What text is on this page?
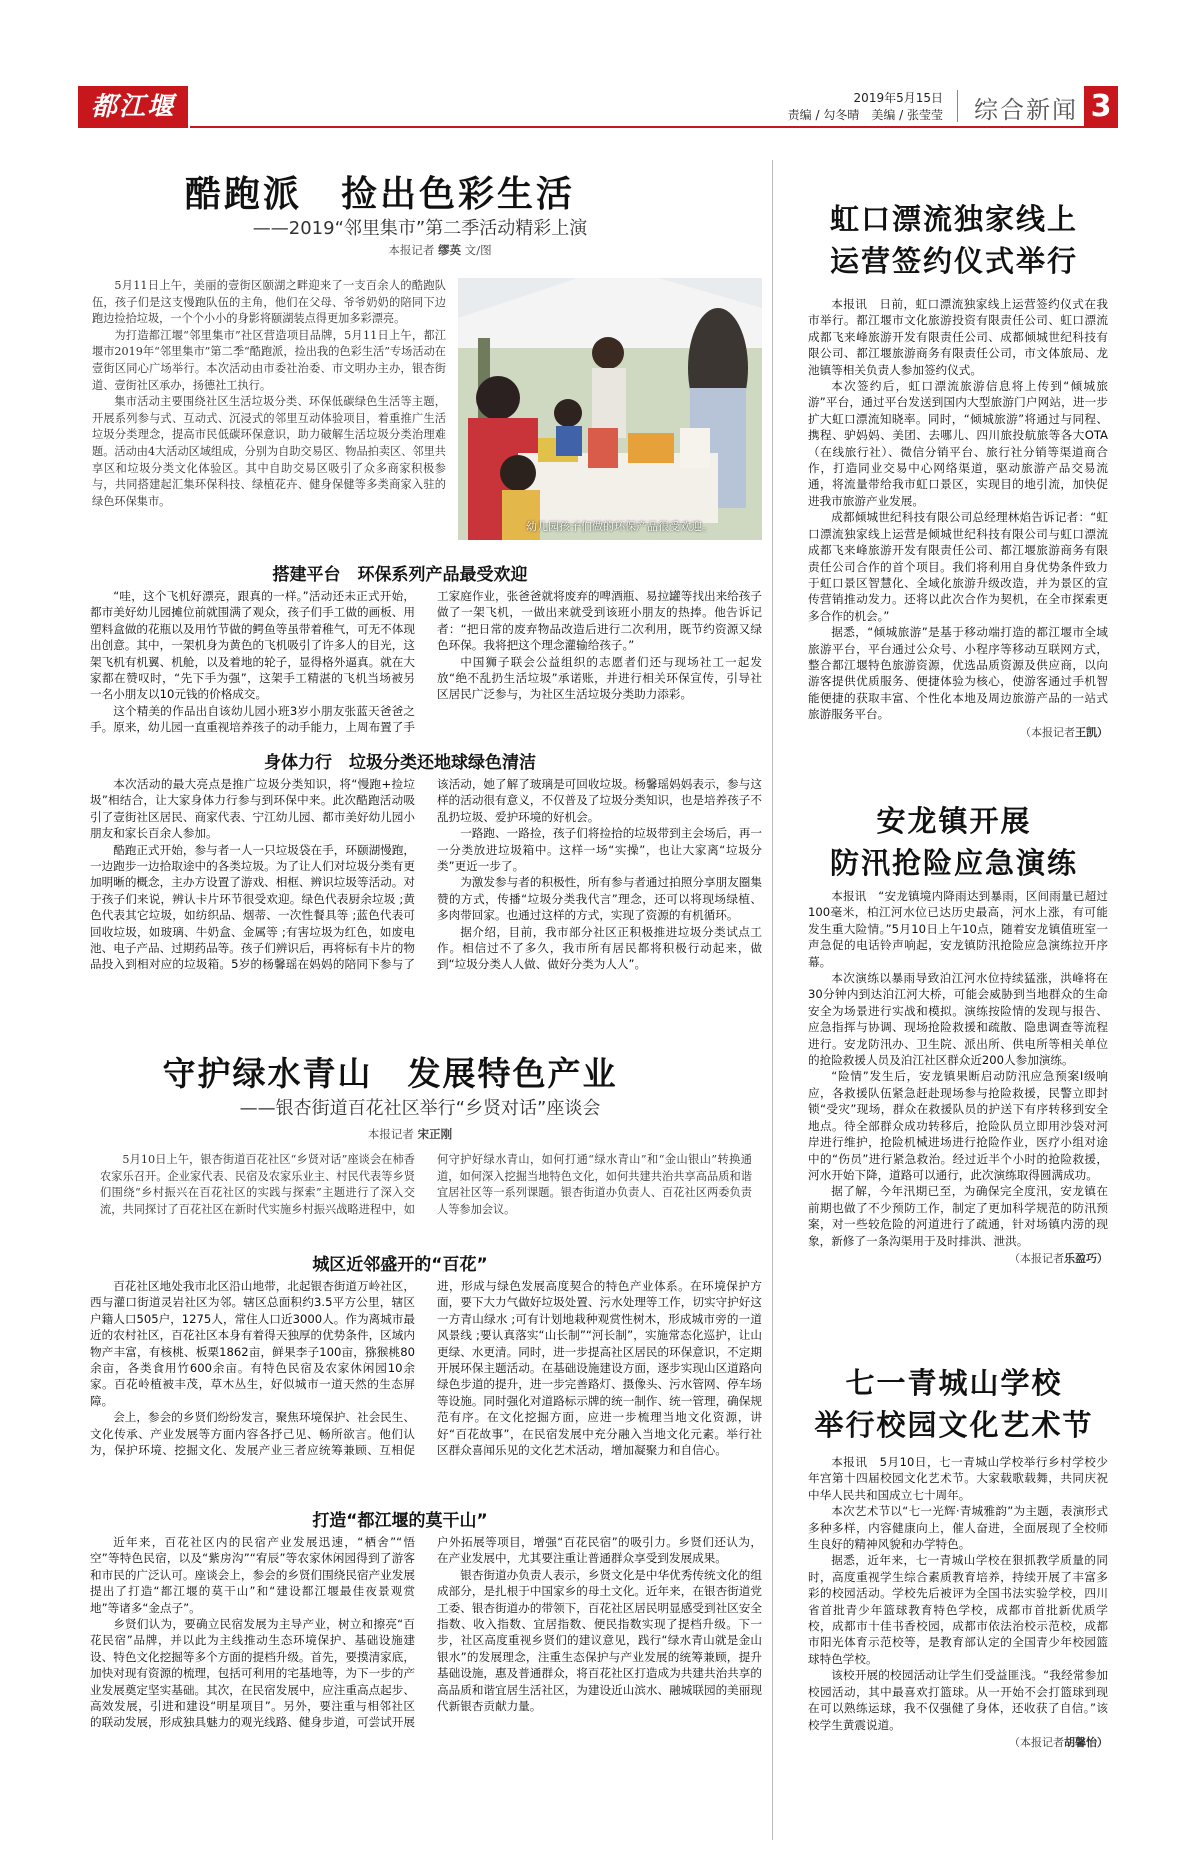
都江堰报
2019年5月15日
责编 / 勾冬晴　美编 / 张莹莹 综合新闻 3
酷跑派　捡出色彩生活
——2019“邻里集市”第二季活动精彩上演
本报记者 缪英 文/图

5月11日上午，美丽的壹街区颐湖之畔迎来了一支百余人的酷跑队伍，孩子们是这支慢跑队伍的主角，他们在父母、爷爷奶奶的陪同下边跑边捡拾垃圾，一个个小小的身影将颐湖装点得更加多彩漂亮。

为打造都江堰“邻里集市”社区营造项目品牌，5月11日上午，都江堰市2019年“邻里集市”第二季“酷跑派，捡出我的色彩生活”专场活动在壹街区同心广场举行。本次活动由市委社治委、市文明办主办，银杏街道、壹街社区承办，扬德社工执行。

集市活动主要围绕社区生活垃圾分类、环保低碳绿色生活等主题，开展系列参与式、互动式、沉浸式的邻里互动体验项目，着重推广生活垃圾分类理念，提高市民低碳环保意识，助力破解生活垃圾分类治理难题。活动由4大活动区域组成，分别为自助交易区、物品拍卖区、邻里共享区和垃圾分类文化体验区。其中自助交易区吸引了众多商家积极参与，共同搭建起汇集环保科技、绿植花卉、健身保健等多类商家入驻的绿色环保集市。

幼儿园孩子们做的环保产品很受欢迎。
搭建平台　环保系列产品最受欢迎

“哇，这个飞机好漂亮，跟真的一样。”活动还未正式开始，都市美好幼儿园摊位前就围满了观众，孩子们手工做的画板、用塑料盒做的花瓶以及用竹节做的鳄鱼等虽带着稚气，可无不体现出创意。其中，一架机身为黄色的飞机吸引了许多人的目光，这架飞机有机翼、机舱，以及着地的轮子，显得格外逼真。就在大家都在赞叹时，“先下手为强”，这架手工精湛的飞机当场被另一名小朋友以10元钱的价格成交。

这个精美的作品出自该幼儿园小班3岁小朋友张蓝天爸爸之手。原来，幼儿园一直重视培养孩子的动手能力，上周布置了手工家庭作业，张爸爸就将废弃的啤酒瓶、易拉罐等找出来给孩子做了一架飞机，一做出来就受到该班小朋友的热捧。他告诉记者：“把日常的废弃物品改造后进行二次利用，既节约资源又绿色环保。我将把这个理念灌输给孩子。”

中国狮子联会公益组织的志愿者们还与现场社工一起发放“绝不乱扔生活垃圾”承诺账，并进行相关环保宣传，引导社区居民广泛参与，为社区生活垃圾分类助力添彩。

身体力行　垃圾分类还地球绿色清洁

本次活动的最大亮点是推广垃圾分类知识，将“慢跑+捡垃圾”相结合，让大家身体力行参与到环保中来。此次酷跑活动吸引了壹街社区居民、商家代表、宁江幼儿园、都市美好幼儿园小朋友和家长百余人参加。

酷跑正式开始，参与者一人一只垃圾袋在手，环颐湖慢跑，一边跑步一边拾取途中的各类垃圾。为了让人们对垃圾分类有更加明晰的概念，主办方设置了游戏、相框、辨识垃圾等活动。对于孩子们来说，辨认卡片环节很受欢迎。绿色代表厨余垃圾 ;黄色代表其它垃圾，如纺织品、烟蒂、一次性餐具等 ;蓝色代表可回收垃圾，如玻璃、牛奶盒、金属等 ;有害垃圾为红色，如废电池、电子产品、过期药品等。孩子们辨识后，再将标有卡片的物品投入到相对应的垃圾箱。5岁的杨馨瑶在妈妈的陪同下参与了该活动，她了解了玻璃是可回收垃圾。杨馨瑶妈妈表示，参与这样的活动很有意义，不仅普及了垃圾分类知识，也是培养孩子不乱扔垃圾、爱护环境的好机会。

一路跑、一路捡，孩子们将捡拾的垃圾带到主会场后，再一一分类放进垃圾箱中。这样一场“实操”，也让大家离“垃圾分类”更近一步了。

为激发参与者的积极性，所有参与者通过拍照分享朋友圈集赞的方式，传播“垃圾分类我代言”理念，还可以将现场绿植、多肉带回家。也通过这样的方式，实现了资源的有机循环。

据介绍，目前，我市部分社区正积极推进垃圾分类试点工作。相信过不了多久，我市所有居民都将积极行动起来，做到“垃圾分类人人做、做好分类为人人”。

守护绿水青山　发展特色产业
——银杏街道百花社区举行“乡贤对话”座谈会
本报记者 宋正刚

5月10日上午，银杏街道百花社区“乡贤对话”座谈会在柿香农家乐召开。企业家代表、民宿及农家乐业主、村民代表等乡贤们围绕“乡村振兴在百花社区的实践与探索”主题进行了深入交流，共同探讨了百花社区在新时代实施乡村振兴战略进程中，如何守护好绿水青山，如何打通“绿水青山”和“金山银山”转换通道，如何深入挖掘当地特色文化，如何共建共治共享高品质和谐宜居社区等一系列课题。银杏街道办负责人、百花社区两委负责人等参加会议。

城区近邻盛开的“百花”

百花社区地处我市北区沿山地带，北起银杏街道万岭社区，西与灌口街道灵岩社区为邻。辖区总面积约3.5平方公里，辖区户籍人口505户，1275人，常住人口近3000人。作为离城市最近的农村社区，百花社区本身有着得天独厚的优势条件，区域内物产丰富，有核桃、板栗1862亩，鲜果李子100亩，猕猴桃80余亩，各类食用竹600余亩。有特色民宿及农家休闲园10余家。百花岭植被丰茂，草木丛生，好似城市一道天然的生态屏障。

会上，参会的乡贤们纷纷发言，聚焦环境保护、社会民生、文化传承、产业发展等方面内容各抒己见、畅所欲言。他们认为，保护环境、挖掘文化、发展产业三者应统筹兼顾、互相促进，形成与绿色发展高度契合的特色产业体系。在环境保护方面，要下大力气做好垃圾处置、污水处理等工作，切实守护好这一方青山绿水 ;可有计划地栽种观赏性树木，形成城市旁的一道风景线 ;要认真落实“山长制”“河长制”，实施常态化巡护，让山更绿、水更清。同时，进一步提高社区居民的环保意识，不定期开展环保主题活动。在基础设施建设方面，逐步实现山区道路向绿色步道的提升，进一步完善路灯、摄像头、污水管网、停车场等设施。同时强化对道路标示牌的统一制作、统一管理，确保规范有序。在文化挖掘方面，应进一步梳理当地文化资源，讲好“百花故事”，在民宿发展中充分融入当地文化元素。举行社区群众喜闻乐见的文化艺术活动，增加凝聚力和自信心。

打造“都江堰的莫干山”

近年来，百花社区内的民宿产业发展迅速，“栖舍”“悟空”等特色民宿，以及“紫房沟”“宥辰”等农家休闲园得到了游客和市民的广泛认可。座谈会上，参会的乡贤们围绕民宿产业发展提出了打造“都江堰的莫干山”和“建设都江堰最佳夜景观赏地”等诸多“金点子”。

乡贤们认为，要确立民宿发展为主导产业，树立和擦亮“百花民宿”品牌，并以此为主线推动生态环境保护、基础设施建设、特色文化挖掘等多个方面的提档升级。首先，要摸清家底，加快对现有资源的梳理，包括可利用的宅基地等，为下一步的产业发展奠定坚实基础。其次，在民宿发展中，应注重高点起步、高效发展，引进和建设“明星项目”。另外，要注重与相邻社区的联动发展，形成独具魅力的观光线路、健身步道，可尝试开展户外拓展等项目，增强“百花民宿”的吸引力。乡贤们还认为，在产业发展中，尤其要注重让普通群众享受到发展成果。

银杏街道办负责人表示，乡贤文化是中华优秀传统文化的组成部分，是扎根于中国家乡的母土文化。近年来，在银杏街道党工委、银杏街道办的带领下，百花社区居民明显感受到社区安全指数、收入指数、宜居指数、便民指数实现了提档升级。下一步，社区高度重视乡贤们的建议意见，践行“绿水青山就是金山银水”的发展理念，注重生态保护与产业发展的统筹兼顾，提升基础设施，惠及普通群众，将百花社区打造成为共建共治共享的高品质和谐宜居生活社区，为建设近山滨水、融城联园的美丽现代新银杏贡献力量。

虹口漂流独家线上
运营签约仪式举行

本报讯　日前，虹口漂流独家线上运营签约仪式在我市举行。都江堰市文化旅游投资有限责任公司、虹口漂流成都飞来峰旅游开发有限责任公司、成都倾城世纪科技有限公司、都江堰旅游商务有限责任公司，市文体旅局、龙池镇等相关负责人参加签约仪式。

本次签约后，虹口漂流旅游信息将上传到“倾城旅游”平台，通过平台发送到国内大型旅游门户网站，进一步扩大虹口漂流知晓率。同时，“倾城旅游”将通过与同程、携程、驴妈妈、美团、去哪儿、四川旅投航旅等各大OTA（在线旅行社）、微信分销平台、旅行社分销等渠道商合作，打造同业交易中心网络渠道，驱动旅游产品交易流通，将流量带给我市虹口景区，实现目的地引流，加快促进我市旅游产业发展。

成都倾城世纪科技有限公司总经理林焰告诉记者：“虹口漂流独家线上运营是倾城世纪科技有限公司与虹口漂流成都飞来峰旅游开发有限责任公司、都江堰旅游商务有限责任公司合作的首个项目。我们将利用自身优势条件致力于虹口景区智慧化、全域化旅游升级改造，并为景区的宣传营销推动发力。还将以此次合作为契机，在全市探索更多合作的机会。”

据悉，“倾城旅游”是基于移动端打造的都江堰市全域旅游平台，平台通过公众号、小程序等移动互联网方式，整合都江堰特色旅游资源，优选品质资源及供应商，以向游客提供优质服务、便捷体验为核心，使游客通过手机智能便捷的获取丰富、个性化本地及周边旅游产品的一站式旅游服务平台。

（本报记者王凯）
安龙镇开展
防汛抢险应急演练

本报讯　“安龙镇境内降雨达到暴雨，区间雨量已超过100毫米，柏江河水位已达历史最高，河水上涨，有可能发生重大险情。”5月10日上午10点，随着安龙镇值班室一声急促的电话铃声响起，安龙镇防汛抢险应急演练拉开序幕。

本次演练以暴雨导致泊江河水位持续猛涨，洪峰将在30分钟内到达泊江河大桥，可能会威胁到当地群众的生命安全为场景进行实战和模拟。演练按险情的发现与报告、应急指挥与协调、现场抢险救援和疏散、隐患调查等流程进行。安龙防汛办、卫生院、派出所、供电所等相关单位的抢险救援人员及泊江社区群众近200人参加演练。

“险情”发生后，安龙镇果断启动防汛应急预案Ⅰ级响应，各救援队伍紧急赶赴现场参与抢险救援，民警立即封锁“受灾”现场，群众在救援队员的护送下有序转移到安全地点。待全部群众成功转移后，抢险队员立即用沙袋对河岸进行维护，抢险机械进场进行抢险作业，医疗小组对途中的“伤员”进行紧急救治。经过近半个小时的抢险救援，河水开始下降，道路可以通行，此次演练取得圆满成功。

据了解，今年汛期已至，为确保完全度汛，安龙镇在前期也做了不少预防工作，制定了更加科学规范的防汛预案，对一些较危险的河道进行了疏通，针对场镇内涝的现象，新修了一条沟渠用于及时排洪、泄洪。

（本报记者乐盈巧）
七一青城山学校
举行校园文化艺术节

本报讯　5月10日，七一青城山学校举行乡村学校少年宫第十四届校园文化艺术节。大家载歌载舞，共同庆祝中华人民共和国成立七十周年。

本次艺术节以“七一光辉·青城雅韵”为主题，表演形式多种多样，内容健康向上，催人奋进，全面展现了全校师生良好的精神风貌和办学特色。

据悉，近年来，七一青城山学校在狠抓教学质量的同时，高度重视学生综合素质教育培养，持续开展了丰富多彩的校园活动。学校先后被评为全国书法实验学校，四川省首批青少年篮球教育特色学校，成都市首批新优质学校，成都市十佳书香校园，成都市依法治校示范校，成都市阳光体育示范校等，是教育部认定的全国青少年校园篮球特色学校。

该校开展的校园活动让学生们受益匪浅。“我经常参加校园活动，其中最喜欢打篮球。从一开始不会打篮球到现在可以熟练运球，我不仅强健了身体，还收获了自信。”该校学生黄震说道。

（本报记者胡馨怡）
